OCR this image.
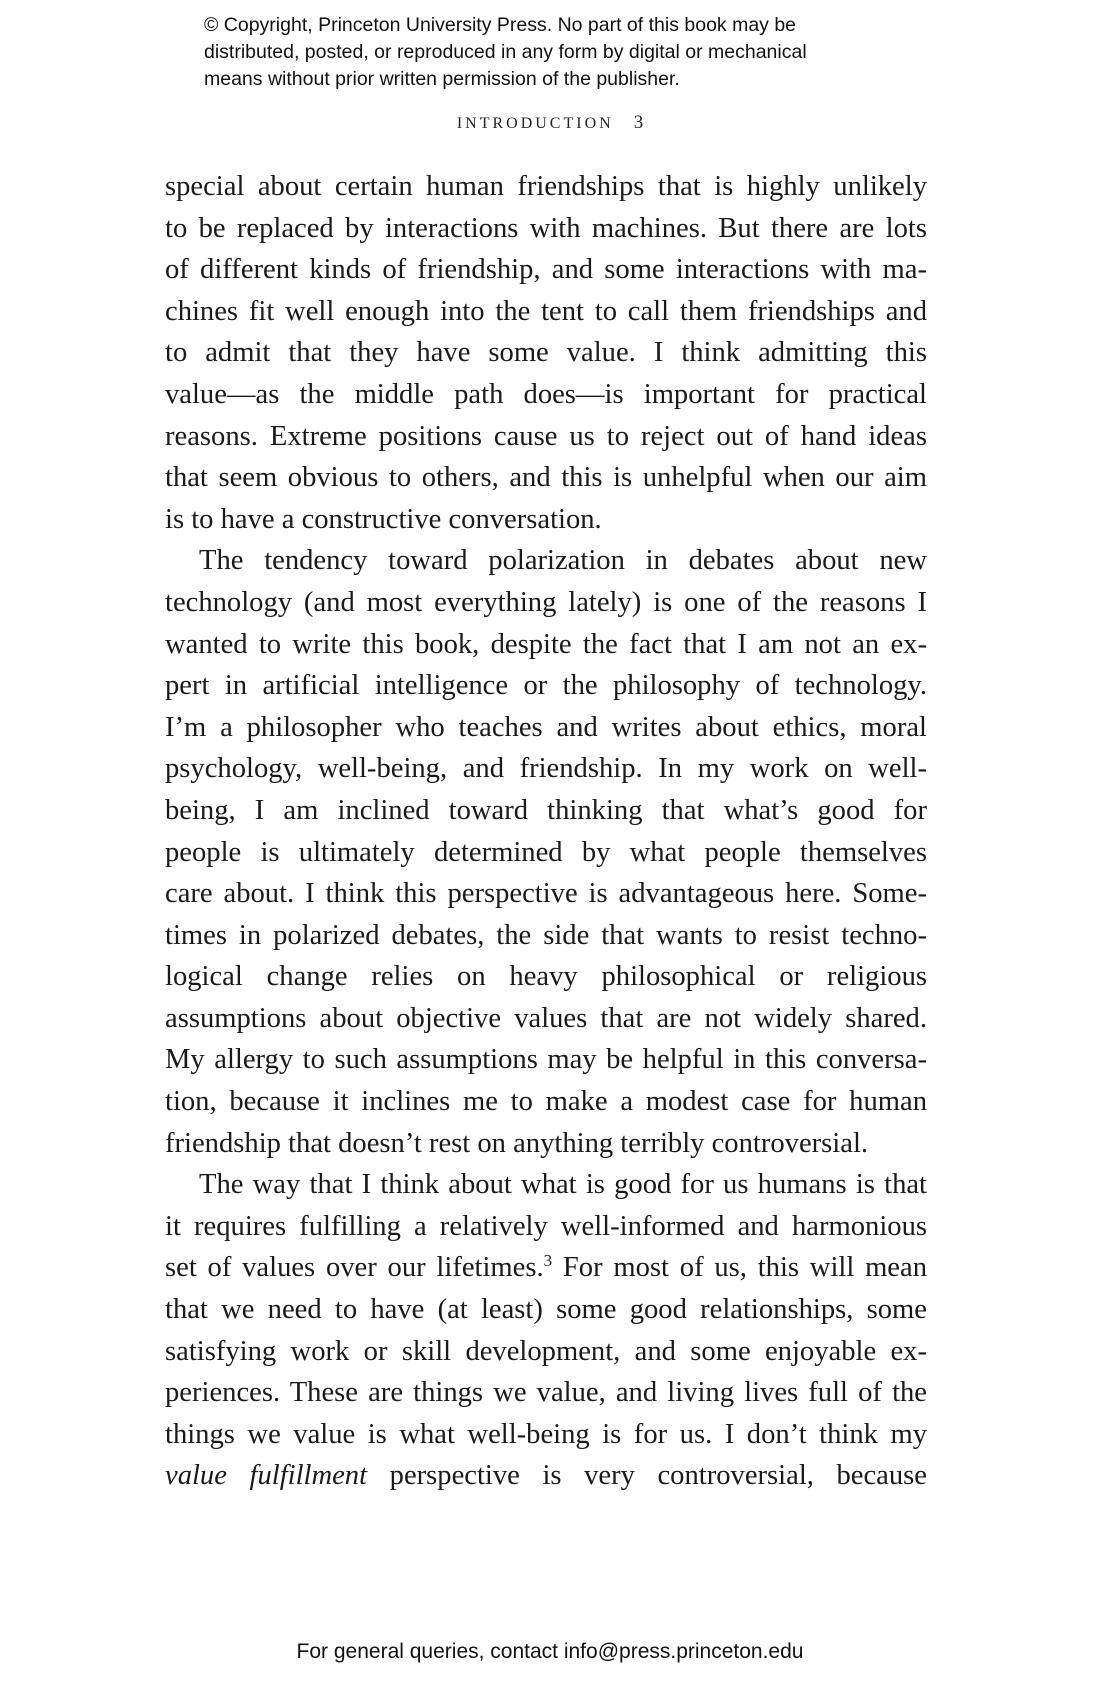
© Copyright, Princeton University Press. No part of this book may be
distributed, posted, or reproduced in any form by digital or mechanical
means without prior written permission of the publisher.
INTRODUCTION 3
special about certain human friendships that is highly unlikely
to be replaced by interactions with machines. But there are lots
of different kinds of friendship, and some interactions with ma-
chines fit well enough into the tent to call them friendships and
to admit that they have some value. I think admitting this
value—as the middle path does—is important for practical
reasons. Extreme positions cause us to reject out of hand ideas
that seem obvious to others, and this is unhelpful when our aim
is to have a constructive conversation.
The tendency toward polarization in debates about new
technology (and most everything lately) is one of the reasons I
wanted to write this book, despite the fact that I am not an ex-
pert in artificial intelligence or the philosophy of technology.
I’m a philosopher who teaches and writes about ethics, moral
psychology, well-being, and friendship. In my work on well-
being, I am inclined toward thinking that what’s good for
people is ultimately determined by what people themselves
care about. I think this perspective is advantageous here. Some-
times in polarized debates, the side that wants to resist techno-
logical change relies on heavy philosophical or religious
assumptions about objective values that are not widely shared.
My allergy to such assumptions may be helpful in this conversa-
tion, because it inclines me to make a modest case for human
friendship that doesn’t rest on anything terribly controversial.
The way that I think about what is good for us humans is that
it requires fulfilling a relatively well-informed and harmonious
set of values over our lifetimes.$^3$ For most of us, this will mean
that we need to have (at least) some good relationships, some
satisfying work or skill development, and some enjoyable ex-
periences. These are things we value, and living lives full of the
things we value is what well-being is for us. I don’t think my
value fulfillment perspective is very controversial, because
For general queries, contact info@press.princeton.edu
